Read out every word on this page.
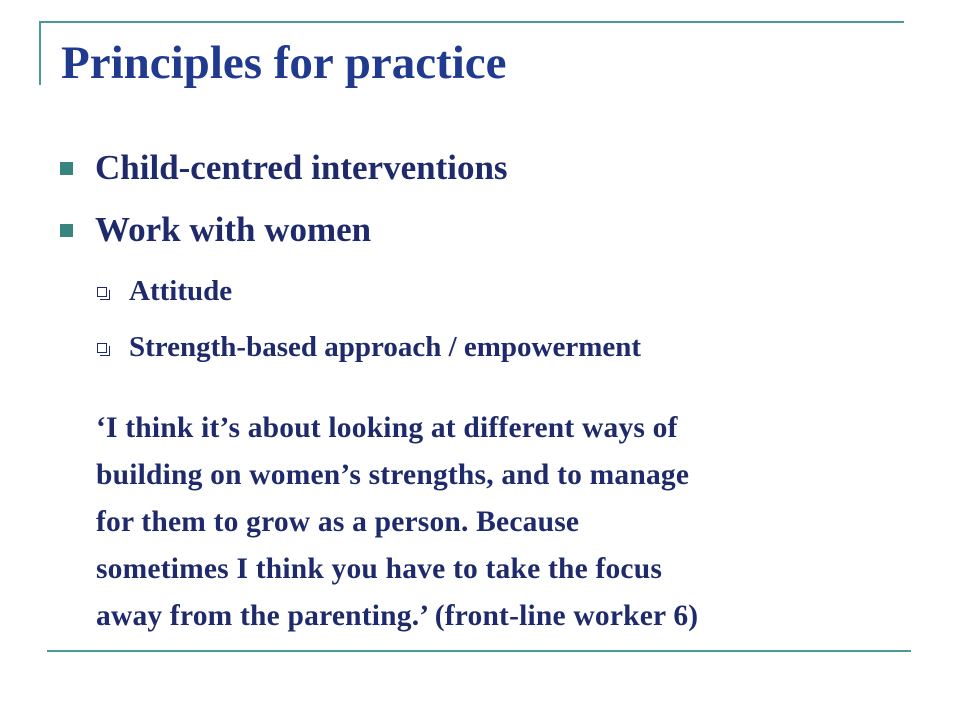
Principles for practice
Child-centred interventions
Work with women
Attitude
Strength-based approach / empowerment

‘I think it’s about looking at different ways of
building on women’s strengths, and to manage
for them to grow as a person. Because
sometimes I think you have to take the focus
away from the parenting.’ (front-line worker 6)
